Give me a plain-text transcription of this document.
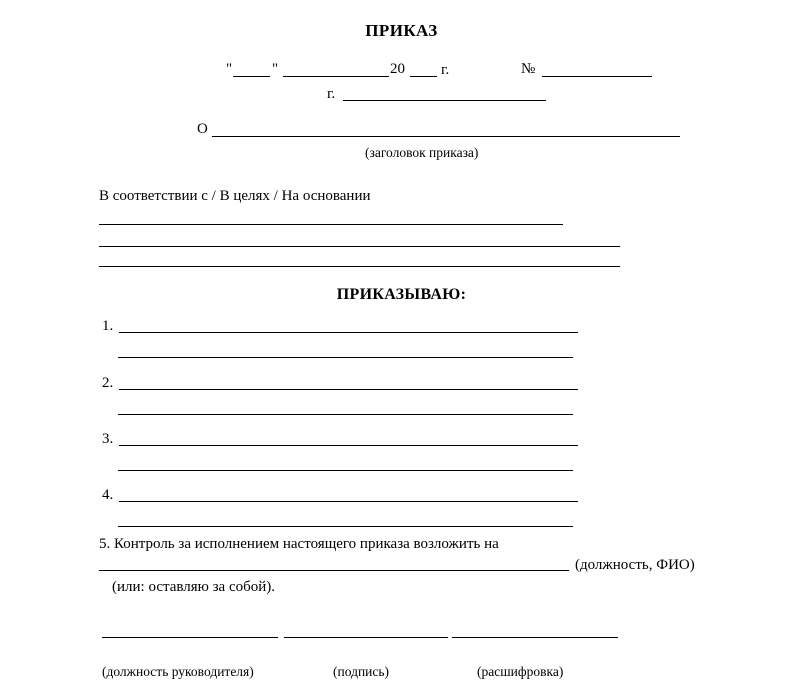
ПРИКАЗ
"	"	20 г.	№
г.
О
(заголовок приказа)
В соответствии с / В целях / На основании
ПРИКАЗЫВАЮ:
1.
2.
3.
4.
5. Контроль за исполнением настоящего приказа возложить на
(должность, ФИО)
(или: оставляю за собой).
(должность руководителя)	(подпись)	(расшифровка)
